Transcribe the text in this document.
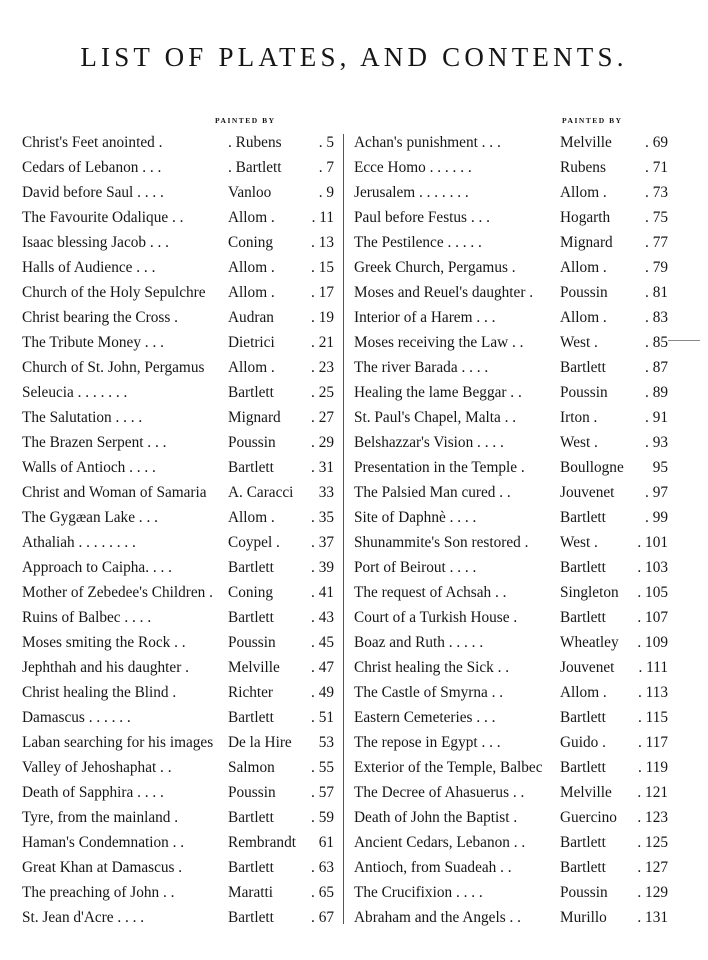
LIST OF PLATES, AND CONTENTS.
PAINTED BY	PAINTED BY
Christ's Feet anointed .	. Rubens . 5
Cedars of Lebanon . . .	. Bartlett . 7
David before Saul . . . .	Vanloo	. 9
The Favourite Odalique . .	Allom . . 11
Isaac blessing Jacob . . .	Coning . 13
Halls of Audience . . .	Allom . . 15
Church of the Holy Sepulchre Allom . . 17
Christ bearing the Cross .	Audran . 19
The Tribute Money . . .	Dietrici . 21
Church of St. John, Pergamus Allom . . 23
Seleucia . . . . . . .	Bartlett . 25
The Salutation . . . .	Mignard . 27
The Brazen Serpent . . .	Poussin . 29
Walls of Antioch . . . .	Bartlett . 31
Christ and Woman of Samaria A. Caracci 33
The Gygæan Lake . . .	Allom . . 35
Athaliah . . . . . . . .	Coypel . . 37
Approach to Caipha. . . .	Bartlett . 39
Mother of Zebedee's Children . Coning . 41
Ruins of Balbec . . . .	Bartlett . 43
Moses smiting the Rock . .	Poussin . 45
Jephthah and his daughter .	Melville . 47
Christ healing the Blind .	Richter . 49
Damascus . . . . . .	Bartlett . 51
Laban searching for his images De la Hire 53
Valley of Jehoshaphat . .	Salmon . 55
Death of Sapphira . . . .	Poussin . 57
Tyre, from the mainland .	Bartlett . 59
Haman's Condemnation . .	Rembrandt 61
Great Khan at Damascus .	Bartlett . 63
The preaching of John . .	Maratti . 65
St. Jean d'Acre . . . .	Bartlett . 67
Achan's punishment . . .	Melville . 69
Ecce Homo . . . . . .	Rubens	. 71
Jerusalem . . . . . . .	Allom .	. 73
Paul before Festus . . .	Hogarth . 75
The Pestilence . . . . .	Mignard . 77
Greek Church, Pergamus .	Allom .	. 79
Moses and Reuel's daughter . Poussin . 81
Interior of a Harem . . .	Allom .	. 83
Moses receiving the Law . . West .	. 85
The river Barada . . . .	Bartlett	. 87
Healing the lame Beggar . . Poussin . 89
St. Paul's Chapel, Malta . .	Irton .	. 91
Belshazzar's Vision . . . .	West .	. 93
Presentation in the Temple . Boullogne 95
The Palsied Man cured . .	Jouvenet . 97
Site of Daphnè . . . .	Bartlett	. 99
Shunammite's Son restored . West .	. 101
Port of Beirout . . . .	Bartlett . 103
The request of Achsah . .	Singleton . 105
Court of a Turkish House .	Bartlett . 107
Boaz and Ruth . . . . .	Wheatley . 109
Christ healing the Sick . .	Jouvenet . 111
The Castle of Smyrna . .	Allom . . 113
Eastern Cemeteries . . .	Bartlett . 115
The repose in Egypt . . .	Guido . . 117
Exterior of the Temple, Balbec Bartlett . 119
The Decree of Ahasuerus . . Melville . 121
Death of John the Baptist .	Guercino . 123
Ancient Cedars, Lebanon . . Bartlett . 125
Antioch, from Suadeah . .	Bartlett . 127
The Crucifixion . . . .	Poussin . 129
Abraham and the Angels . .	Murillo . 131
